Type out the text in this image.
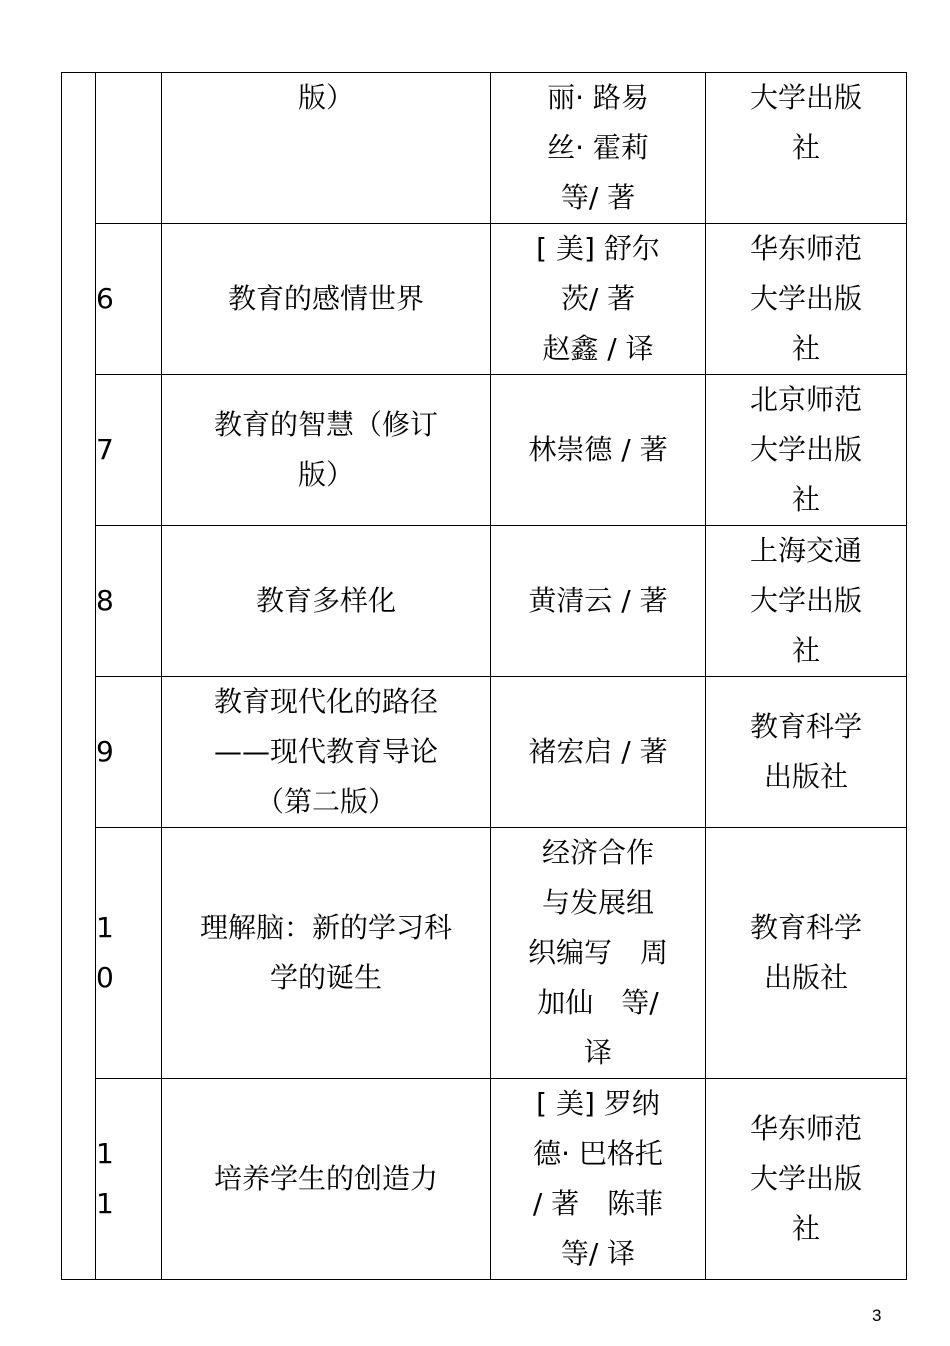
		版）	丽· 路易
丝· 霍莉
等/ 著	大学出版
社

	6	教育的感情世界	[ 美] 舒尔
茨/ 著
赵鑫 / 译	华东师范
大学出版
社

	7	教育的智慧（修订
版）	林崇德 / 著	北京师范
大学出版
社

	8	教育多样化	黄清云 / 著	上海交通
大学出版
社

	9	教育现代化的路径
——现代教育导论
（第二版）	褚宏启 / 著	教育科学
出版社

	1
0	理解脑：新的学习科
学的诞生	经济合作
与发展组
织编写　周
加仙　等/
译	教育科学
出版社

	1
1	培养学生的创造力	[ 美] 罗纳
德· 巴格托
/ 著　陈菲
等/ 译	华东师范
大学出版
社
3
